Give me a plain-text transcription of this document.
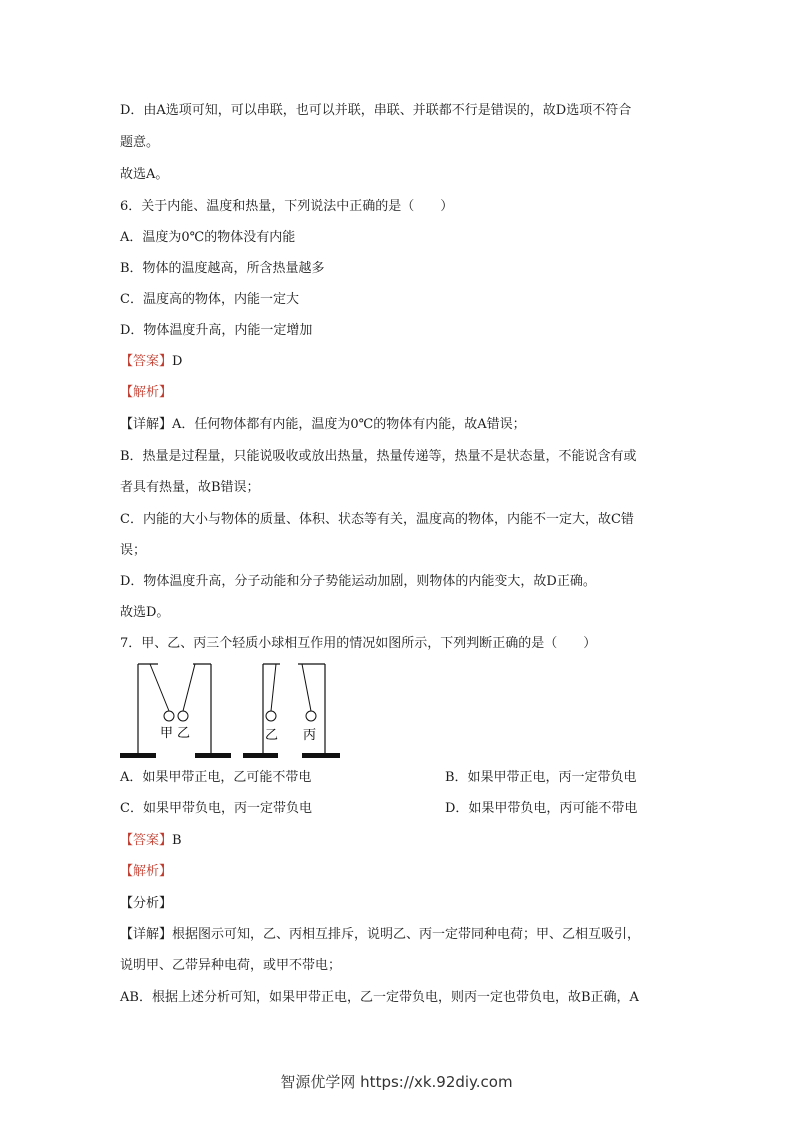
D．由A选项可知，可以串联，也可以并联，串联、并联都不行是错误的，故D选项不符合
题意。
故选A。
6．关于内能、温度和热量，下列说法中正确的是（　　）
A．温度为0℃的物体没有内能
B．物体的温度越高，所含热量越多
C．温度高的物体，内能一定大
D．物体温度升高，内能一定增加
【答案】D
【解析】
【详解】A．任何物体都有内能，温度为0℃的物体有内能，故A错误；
B．热量是过程量，只能说吸收或放出热量，热量传递等，热量不是状态量，不能说含有或
者具有热量，故B错误；
C．内能的大小与物体的质量、体积、状态等有关，温度高的物体，内能不一定大，故C错
误；
D．物体温度升高，分子动能和分子势能运动加剧，则物体的内能变大，故D正确。
故选D。
7．甲、乙、丙三个轻质小球相互作用的情况如图所示，下列判断正确的是（　　）
甲 乙	乙 丙
A．如果甲带正电，乙可能不带电	B．如果甲带正电，丙一定带负电
C．如果甲带负电，丙一定带负电	D．如果甲带负电，丙可能不带电
【答案】B
【解析】
【分析】
【详解】根据图示可知，乙、丙相互排斥，说明乙、丙一定带同种电荷；甲、乙相互吸引，
说明甲、乙带异种电荷，或甲不带电；
AB．根据上述分析可知，如果甲带正电，乙一定带负电，则丙一定也带负电，故B正确，A
智源优学网 https://xk.92diy.com
